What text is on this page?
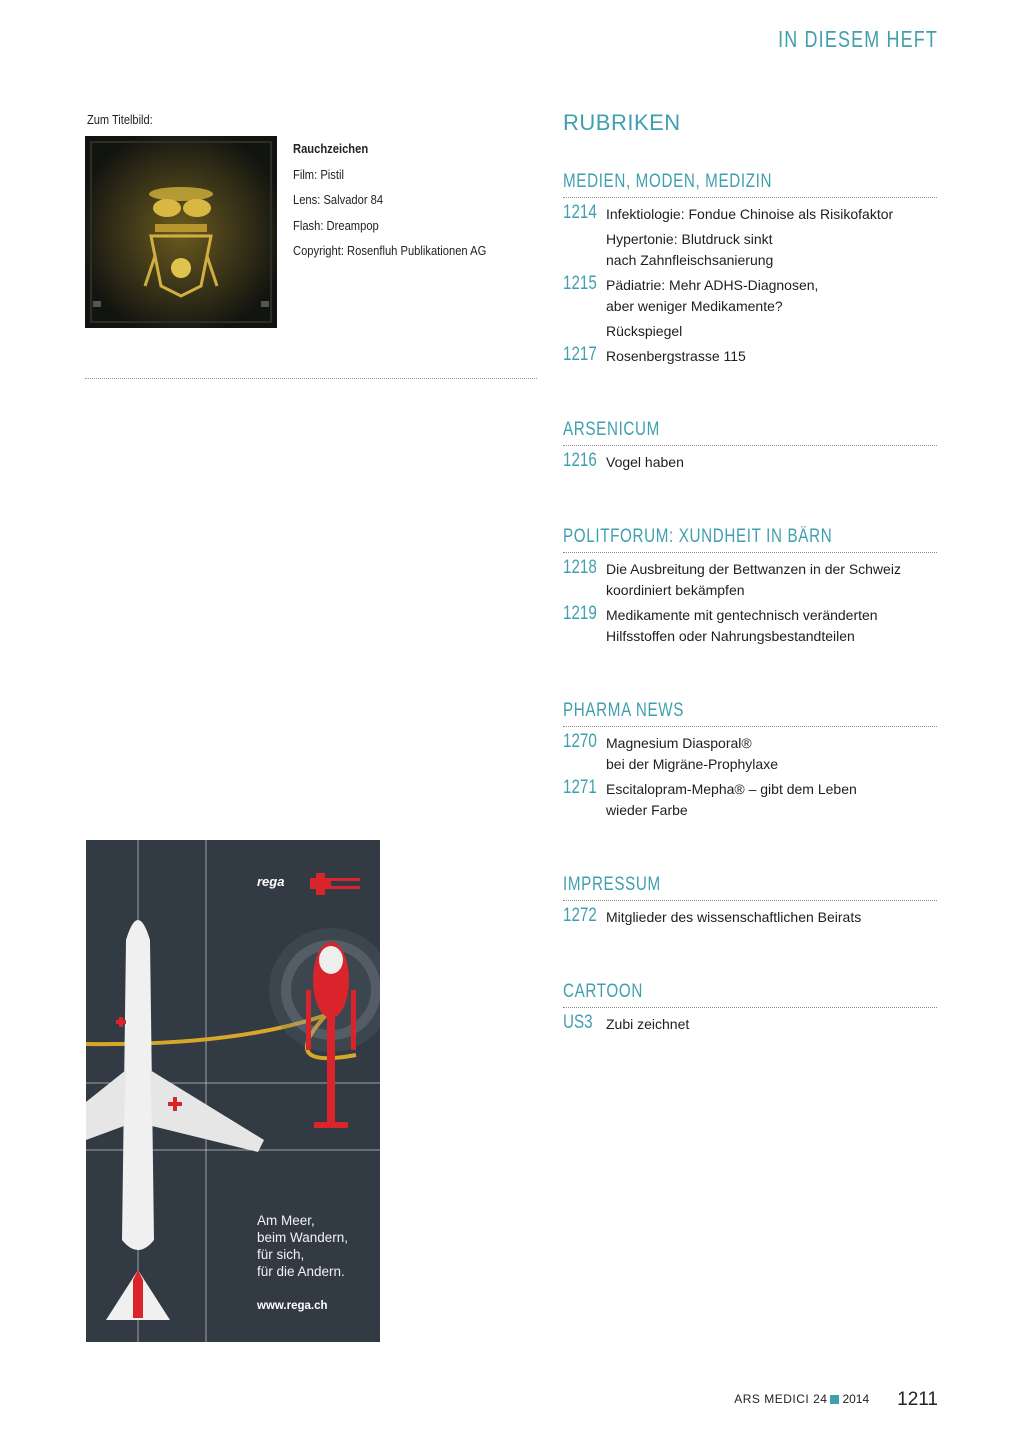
IN DIESEM HEFT
Zum Titelbild:
Rauchzeichen
Film: Pistil
Lens: Salvador 84
Flash: Dreampop
Copyright: Rosenfluh Publikationen AG
rega
Am Meer,
beim Wandern,
für sich,
für die Andern.
www.rega.ch
RUBRIKEN
MEDIEN, MODEN, MEDIZIN
1214 Infektiologie: Fondue Chinoise als Risikofaktor
Hypertonie: Blutdruck sinkt
nach Zahnfleischsanierung
1215 Pädiatrie: Mehr ADHS-Diagnosen,
aber weniger Medikamente?
Rückspiegel
1217 Rosenbergstrasse 115
ARSENICUM
1216 Vogel haben
POLITFORUM: XUNDHEIT IN BÄRN
1218 Die Ausbreitung der Bettwanzen in der Schweiz
koordiniert bekämpfen
1219 Medikamente mit gentechnisch veränderten
Hilfsstoffen oder Nahrungsbestandteilen
PHARMA NEWS
1270 Magnesium Diasporal®
bei der Migräne-Prophylaxe
1271 Escitalopram-Mepha® – gibt dem Leben
wieder Farbe
IMPRESSUM
1272 Mitglieder des wissenschaftlichen Beirats
CARTOON
US3 Zubi zeichnet
ARS MEDICI 24 2014 1211
